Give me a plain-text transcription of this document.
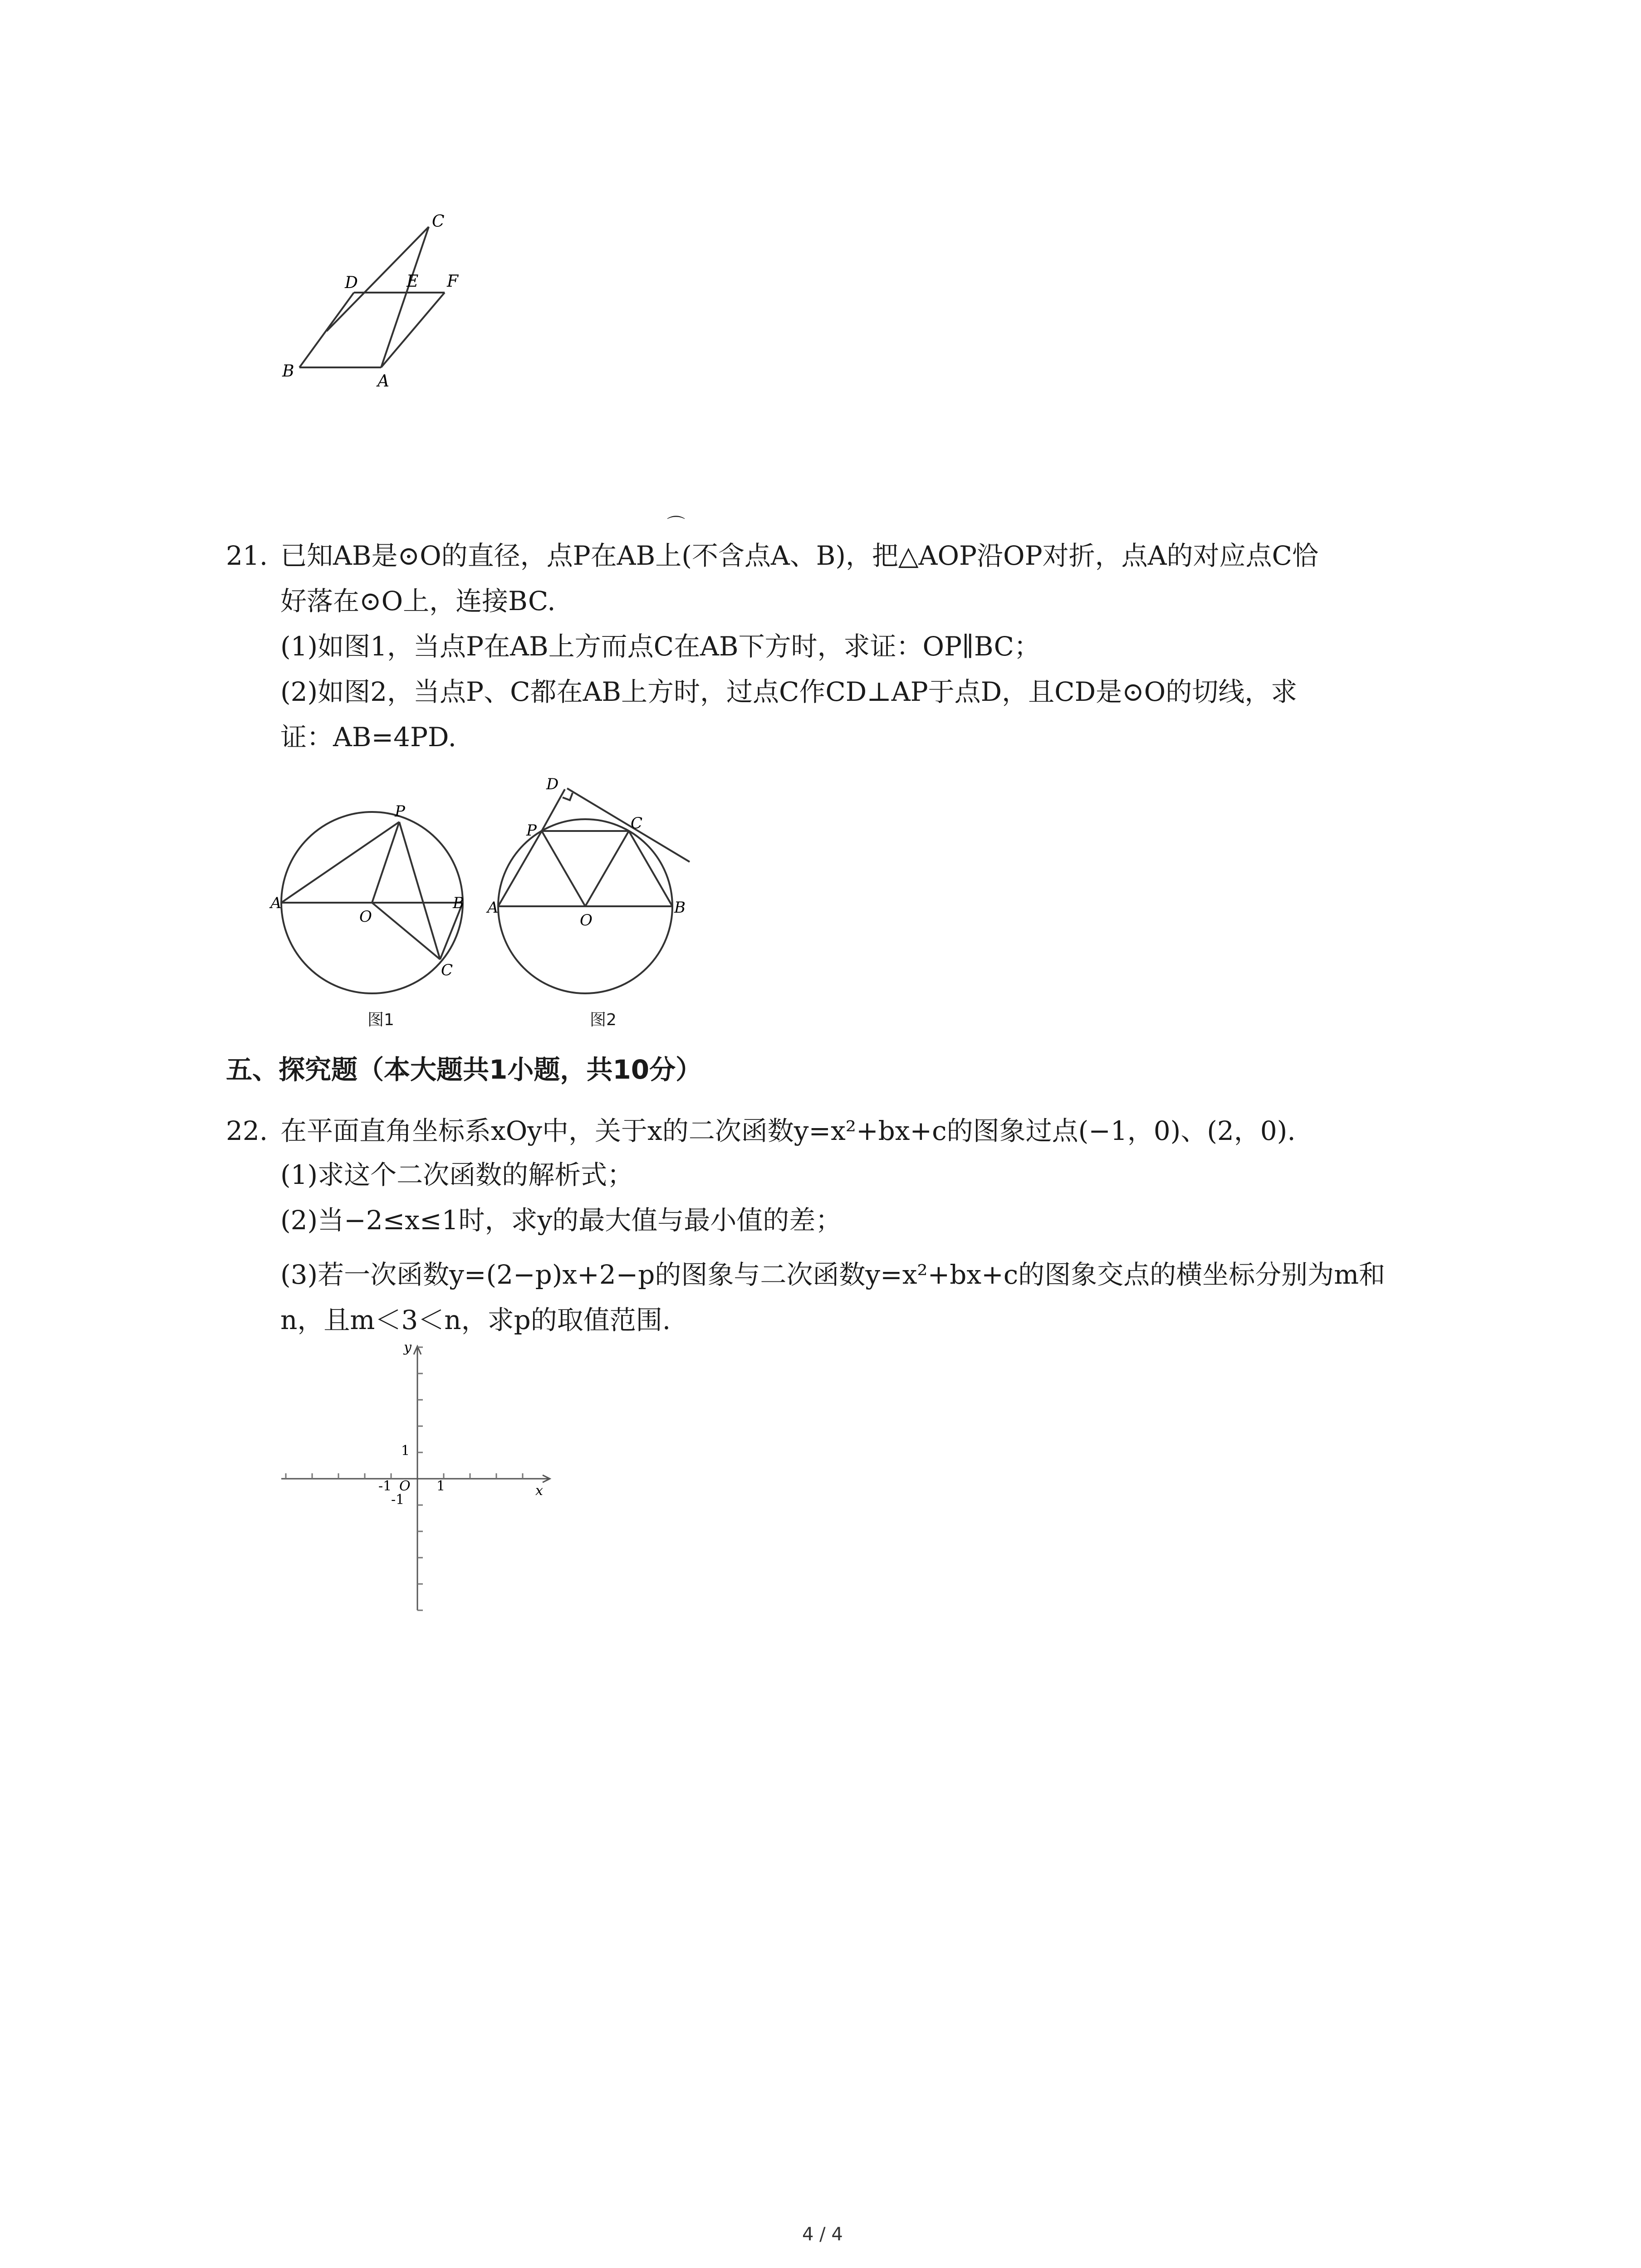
C
D	E F
B
A
⌒
21. 已知AB是⊙O的直径，点P在AB上(不含点A、B)，把△AOP沿OP对折，点A的对应点C恰
好落在⊙O上，连接BC.
(1)如图1，当点P在AB上方而点C在AB下方时，求证：OP∥BC；
(2)如图2，当点P、C都在AB上方时，过点C作CD⊥AP于点D，且CD是⊙O的切线，求
证：AB=4PD.
P
A
O
B
C
图1
D
P	C
A
O
B
图2
五、探究题（本大题共1小题，共10分）
22. 在平面直角坐标系xOy中，关于x的二次函数y=x²+bx+c的图象过点(−1，0)、(2，0).
(1)求这个二次函数的解析式；
(2)当−2≤x≤1时，求y的最大值与最小值的差；
(3)若一次函数y=(2−p)x+2−p的图象与二次函数y=x²+bx+c的图象交点的横坐标分别为m和
n，且m＜3＜n，求p的取值范围.
y
x
1
-1 O 1
-1
4 / 4
